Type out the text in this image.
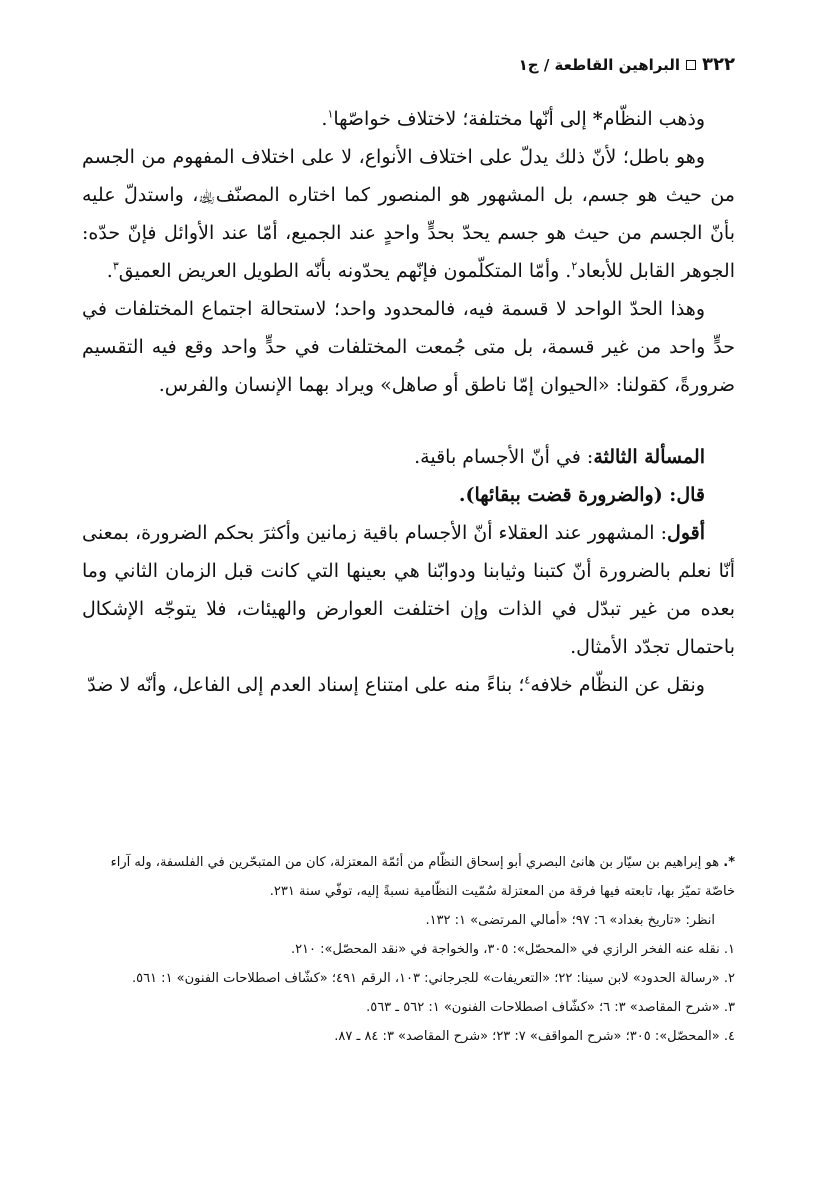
٣٢٢
البراهين القاطعة / ج١

وذهب النظّام* إلى أنّها مختلفة؛ لاختلاف خواصّها$^١$.

وهو باطل؛ لأنّ ذلك يدلّ على اختلاف الأنواع، لا على اختلاف المفهوم من الجسم من حيث هو جسم، بل المشهور هو المنصور كما اختاره المصنّف‌﵀، واستدلّ عليه بأنّ الجسم من حيث هو جسم يحدّ بحدٍّ واحدٍ عند الجميع، أمّا عند الأوائل فإنّ حدّه: الجوهر القابل للأبعاد$^٢$. وأمّا المتكلّمون فإنّهم يحدّونه بأنّه الطويل العريض العميق$^٣$.

وهذا الحدّ الواحد لا قسمة فيه، فالمحدود واحد؛ لاستحالة اجتماع المختلفات في حدٍّ واحد من غير قسمة، بل متى جُمعت المختلفات في حدٍّ واحد وقع فيه التقسيم ضرورةً، كقولنا: «الحيوان إمّا ناطق أو صاهل» ويراد بهما الإنسان والفرس.

المسألة الثالثة: في أنّ الأجسام باقية.

قال: (والضرورة قضت ببقائها).

أقول: المشهور عند العقلاء أنّ الأجسام باقية زمانين وأكثرَ بحكم الضرورة، بمعنى أنّا نعلم بالضرورة أنّ كتبنا وثيابنا ودوابّنا هي بعينها التي كانت قبل الزمان الثاني وما بعده من غير تبدّل في الذات وإن اختلفت العوارض والهيئات، فلا يتوجّه الإشكال باحتمال تجدّد الأمثال.

ونقل عن النظّام خلافه$^٤$؛ بناءً منه على امتناع إسناد العدم إلى الفاعل، وأنّه لا ضدّ

*. هو إبراهيم بن سيّار بن هانئ البصري أبو إسحاق النظّام من أئمّة المعتزلة، كان من المتبحّرين في الفلسفة، وله آراء خاصّة تميّز بها، تابعته فيها فرقة من المعتزلة سُمّيت النظّامية نسبةً إليه، توفّي سنة ٢٣١.

انظر: «تاريخ بغداد» ٦: ٩٧؛ «أمالي المرتضى» ١: ١٣٢.

١. نقله عنه الفخر الرازي في «المحصّل»: ٣٠٥، والخواجة في «نقد المحصّل»: ٢١٠.

٢. «رسالة الحدود» لابن سينا: ٢٢؛ «التعريفات» للجرجاني: ١٠٣، الرقم ٤٩١؛ «كشّاف اصطلاحات الفنون» ١: ٥٦١.

٣. «شرح المقاصد» ٣: ٦؛ «كشّاف اصطلاحات الفنون» ١: ٥٦٢ ـ ٥٦٣.

٤. «المحصّل»: ٣٠٥؛ «شرح المواقف» ٧: ٢٣؛ «شرح المقاصد» ٣: ٨٤ ـ ٨٧.
